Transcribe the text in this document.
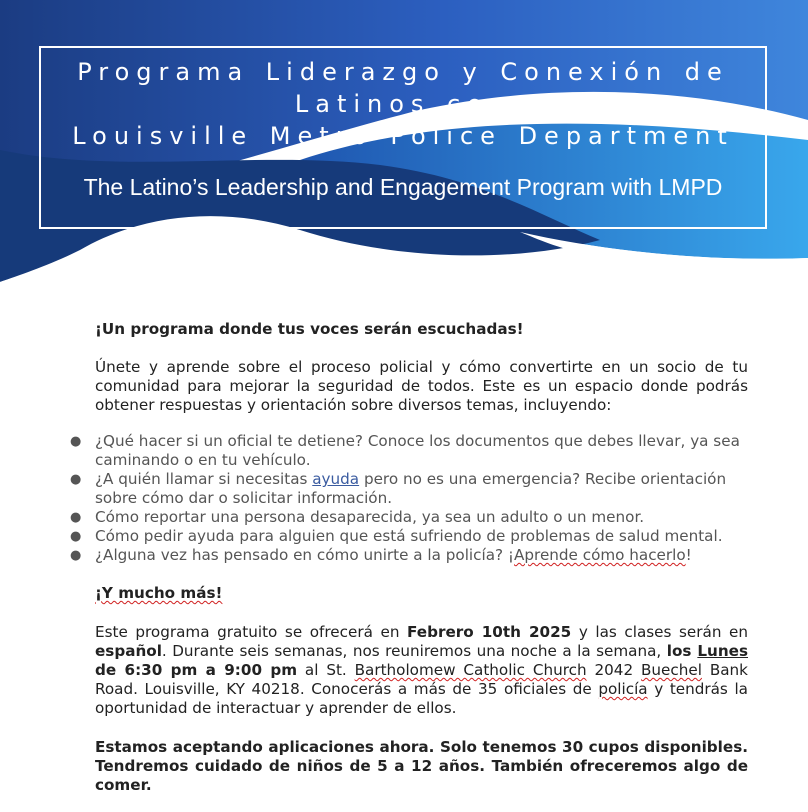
Programa Liderazgo y Conexión de
Latinos con
Louisville Metro Police Department
The Latino’s Leadership and Engagement Program with LMPD

¡Un programa donde tus voces serán escuchadas!

Únete y aprende sobre el proceso policial y cómo convertirte en un socio de tu comunidad para mejorar la seguridad de todos. Este es un espacio donde podrás obtener respuestas y orientación sobre diversos temas, incluyendo:

● ¿Qué hacer si un oficial te detiene? Conoce los documentos que debes llevar, ya sea caminando o en tu vehículo.
● ¿A quién llamar si necesitas ayuda pero no es una emergencia? Recibe orientación sobre cómo dar o solicitar información.
● Cómo reportar una persona desaparecida, ya sea un adulto o un menor.
● Cómo pedir ayuda para alguien que está sufriendo de problemas de salud mental.
● ¿Alguna vez has pensado en cómo unirte a la policía? ¡Aprende cómo hacerlo!

¡Y mucho más!

Este programa gratuito se ofrecerá en Febrero 10th 2025 y las clases serán en español. Durante seis semanas, nos reuniremos una noche a la semana, los Lunes de 6:30 pm a 9:00 pm al St. Bartholomew Catholic Church 2042 Buechel Bank Road. Louisville, KY 40218. Conocerás a más de 35 oficiales de policía y tendrás la oportunidad de interactuar y aprender de ellos.

Estamos aceptando aplicaciones ahora. Solo tenemos 30 cupos disponibles. Tendremos cuidado de niños de 5 a 12 años. También ofreceremos algo de comer.
